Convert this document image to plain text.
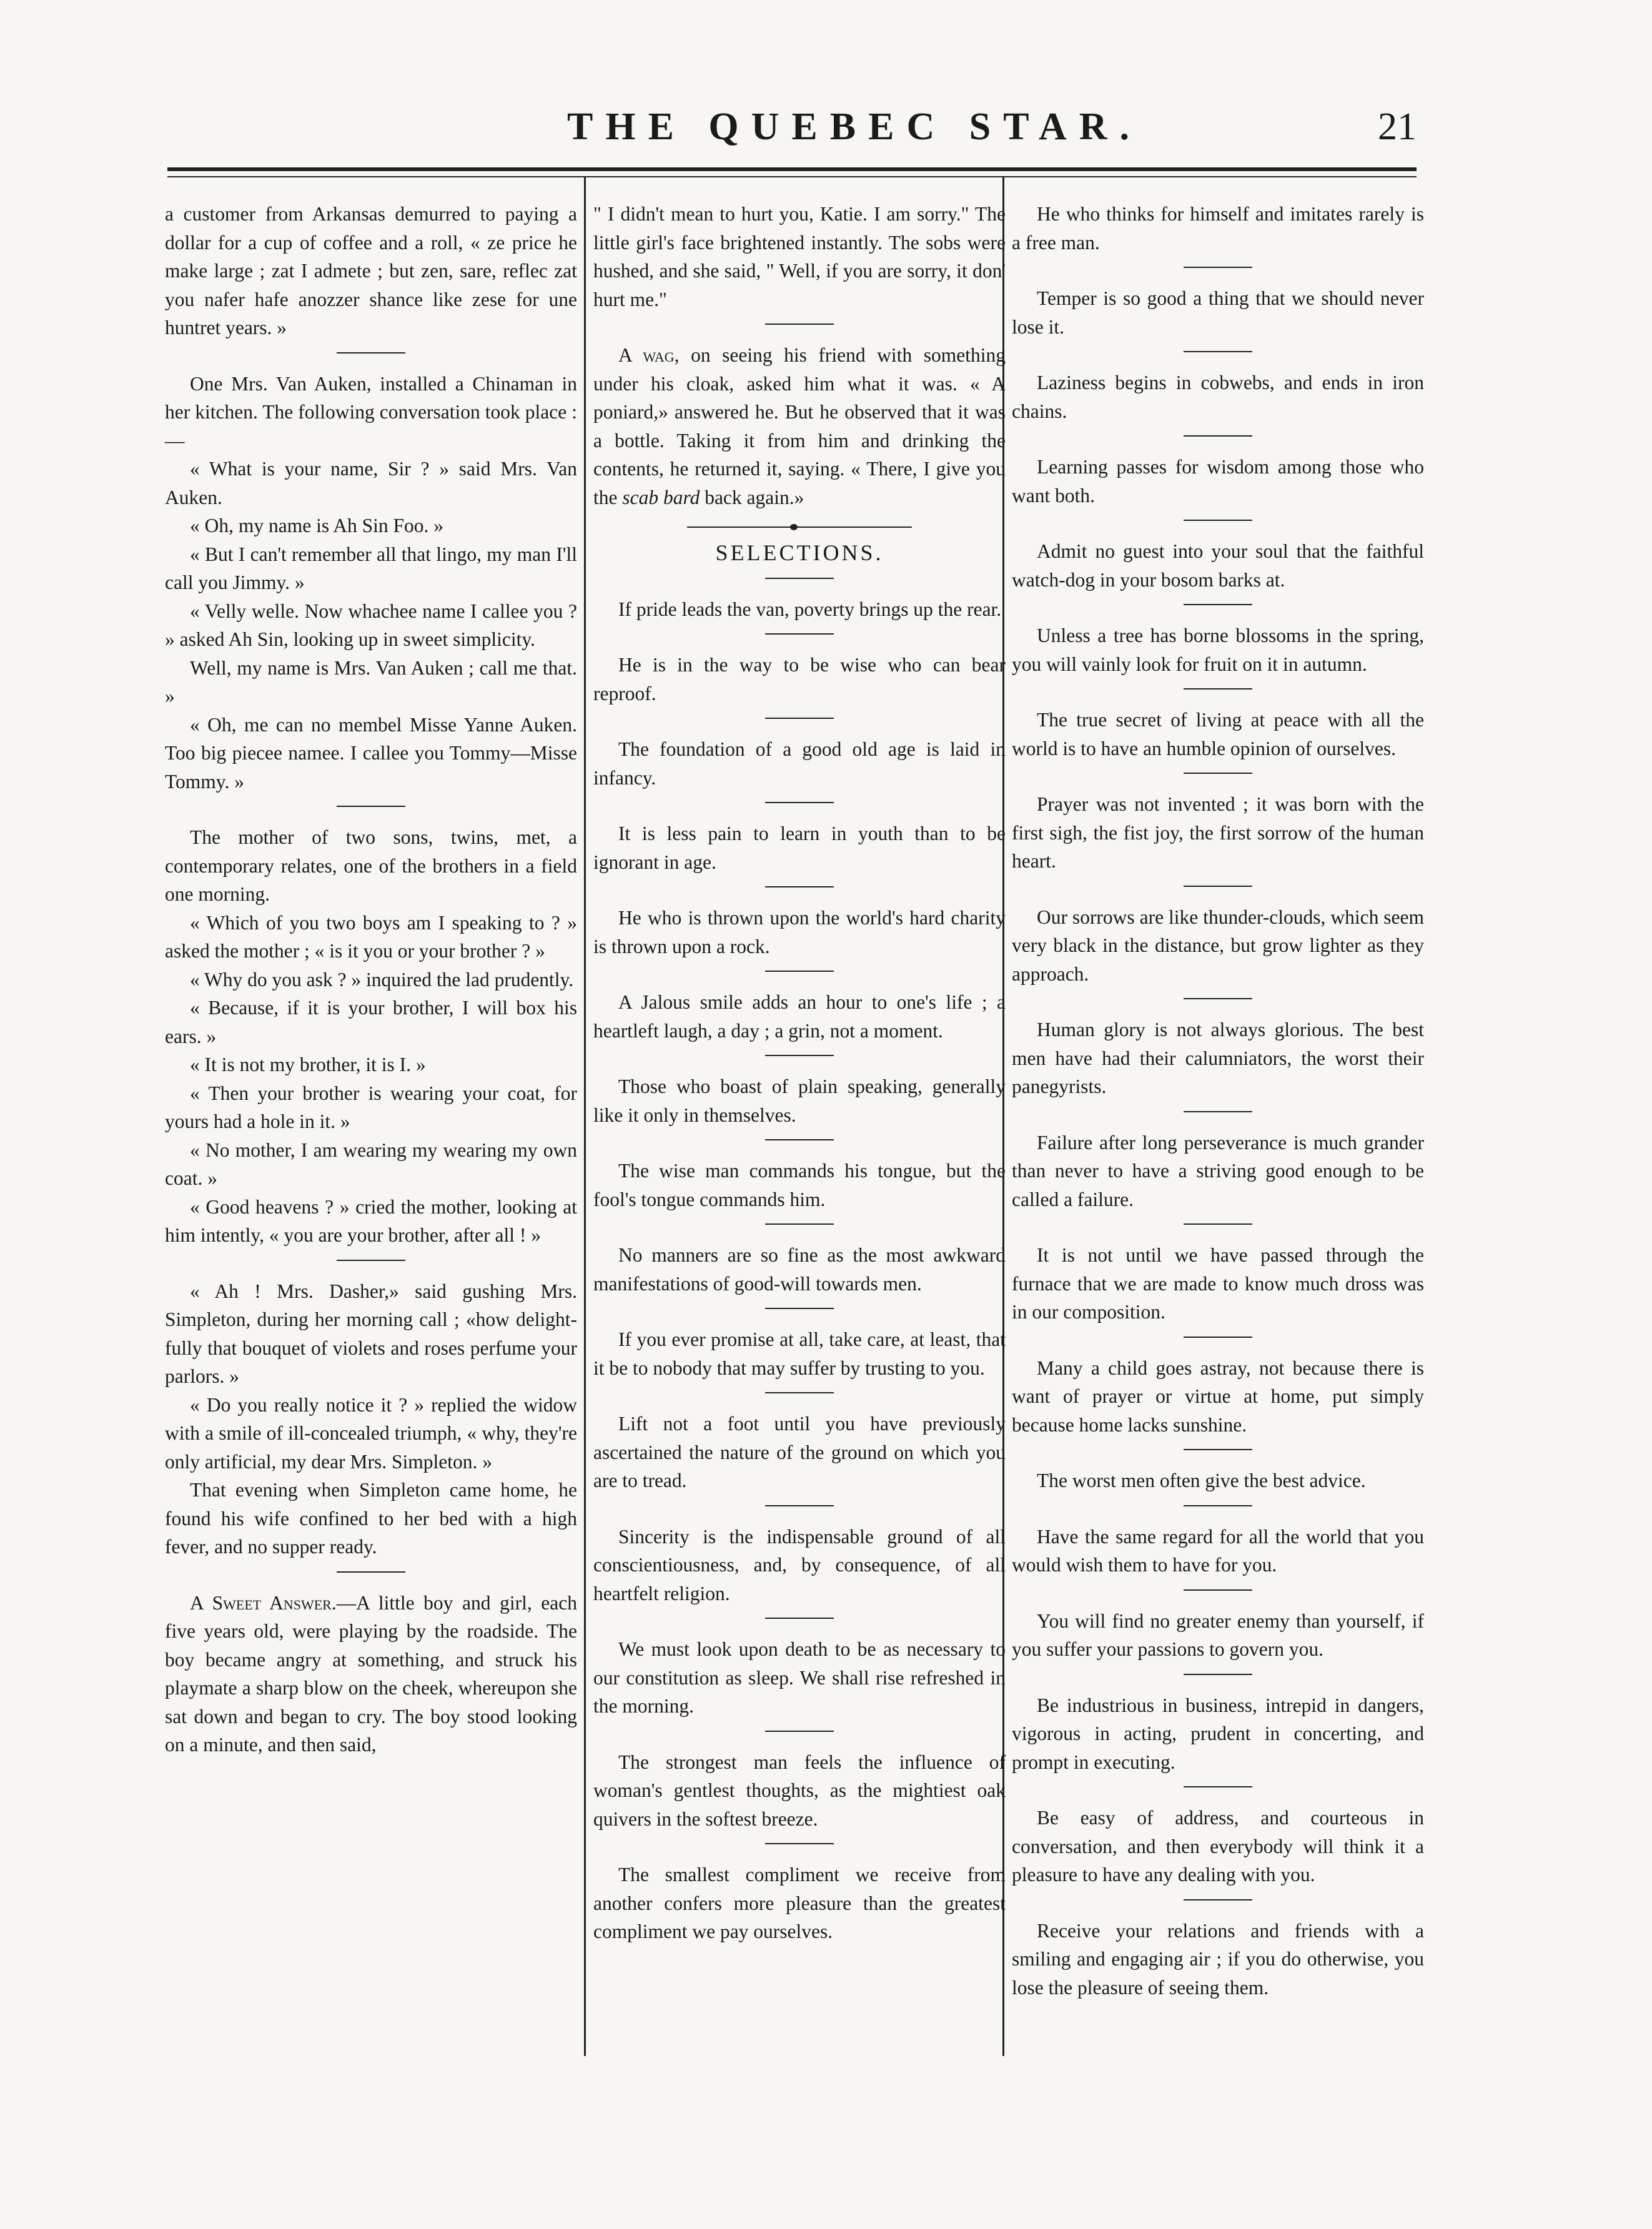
THE QUEBEC STAR.	21

a customer from Arkansas demurred to paying a dollar for a cup of coffee and a roll, « ze price he make large ; zat I admete ; but zen, sare, reflec zat you nafer hafe anozzer shance like zese for une huntret years. »

One Mrs. Van Auken, installed a Chinaman in her kitchen. The following conversation took place :—

« What is your name, Sir ? » said Mrs. Van Auken.

« Oh, my name is Ah Sin Foo. »

« But I can't remember all that lingo, my man I'll call you Jimmy. »

« Velly welle. Now whachee name I callee you ? » asked Ah Sin, looking up in sweet simplicity.

Well, my name is Mrs. Van Auken ; call me that. »

« Oh, me can no membel Misse Yanne Auken. Too big piecee namee. I callee you Tommy—Misse Tommy. »

The mother of two sons, twins, met, a contemporary relates, one of the brothers in a field one morning.

« Which of you two boys am I speaking to ? » asked the mother ; « is it you or your brother ? »

« Why do you ask ? » inquired the lad prudently.

« Because, if it is your brother, I will box his ears. »

« It is not my brother, it is I. »

« Then your brother is wearing your coat, for yours had a hole in it. »

« No mother, I am wearing my wearing my own coat. »

« Good heavens ? » cried the mother, looking at him intently, « you are your brother, after all ! »

« Ah ! Mrs. Dasher,» said gushing Mrs. Simpleton, during her morning call ; «how delight-fully that bouquet of violets and roses perfume your parlors. »

« Do you really notice it ? » replied the widow with a smile of ill-concealed triumph, « why, they're only artificial, my dear Mrs. Simpleton. »

That evening when Simpleton came home, he found his wife confined to her bed with a high fever, and no supper ready.

A Sweet Answer.—A little boy and girl, each five years old, were playing by the roadside. The boy became angry at something, and struck his playmate a sharp blow on the cheek, whereupon she sat down and began to cry. The boy stood looking on a minute, and then said,

" I didn't mean to hurt you, Katie. I am sorry." The little girl's face brightened instantly. The sobs were hushed, and she said, " Well, if you are sorry, it don' hurt me."

A wag, on seeing his friend with something under his cloak, asked him what it was. « A poniard,» answered he. But he observed that it was a bottle. Taking it from him and drinking the contents, he returned it, saying. « There, I give you the scab bard back again.»

SELECTIONS.

If pride leads the van, poverty brings up the rear.

He is in the way to be wise who can bear reproof.

The foundation of a good old age is laid in infancy.

It is less pain to learn in youth than to be ignorant in age.

He who is thrown upon the world's hard charity is thrown upon a rock.

A Jalous smile adds an hour to one's life ; a heartleft laugh, a day ; a grin, not a moment.

Those who boast of plain speaking, generally like it only in themselves.

The wise man commands his tongue, but the fool's tongue commands him.

No manners are so fine as the most awkward manifestations of good-will towards men.

If you ever promise at all, take care, at least, that it be to nobody that may suffer by trusting to you.

Lift not a foot until you have previously ascertained the nature of the ground on which you are to tread.

Sincerity is the indispensable ground of all conscientiousness, and, by consequence, of all heartfelt religion.

We must look upon death to be as necessary to our constitution as sleep. We shall rise refreshed in the morning.

The strongest man feels the influence of woman's gentlest thoughts, as the mightiest oak quivers in the softest breeze.

The smallest compliment we receive from another confers more pleasure than the greatest compliment we pay ourselves.

He who thinks for himself and imitates rarely is a free man.

Temper is so good a thing that we should never lose it.

Laziness begins in cobwebs, and ends in iron chains.

Learning passes for wisdom among those who want both.

Admit no guest into your soul that the faithful watch-dog in your bosom barks at.

Unless a tree has borne blossoms in the spring, you will vainly look for fruit on it in autumn.

The true secret of living at peace with all the world is to have an humble opinion of ourselves.

Prayer was not invented ; it was born with the first sigh, the fist joy, the first sorrow of the human heart.

Our sorrows are like thunder-clouds, which seem very black in the distance, but grow lighter as they approach.

Human glory is not always glorious. The best men have had their calumniators, the worst their panegyrists.

Failure after long perseverance is much grander than never to have a striving good enough to be called a failure.

It is not until we have passed through the furnace that we are made to know much dross was in our composition.

Many a child goes astray, not because there is want of prayer or virtue at home, put simply because home lacks sunshine.

The worst men often give the best advice.

Have the same regard for all the world that you would wish them to have for you.

You will find no greater enemy than yourself, if you suffer your passions to govern you.

Be industrious in business, intrepid in dangers, vigorous in acting, prudent in concerting, and prompt in executing.

Be easy of address, and courteous in conversation, and then everybody will think it a pleasure to have any dealing with you.

Receive your relations and friends with a smiling and engaging air ; if you do otherwise, you lose the pleasure of seeing them.
